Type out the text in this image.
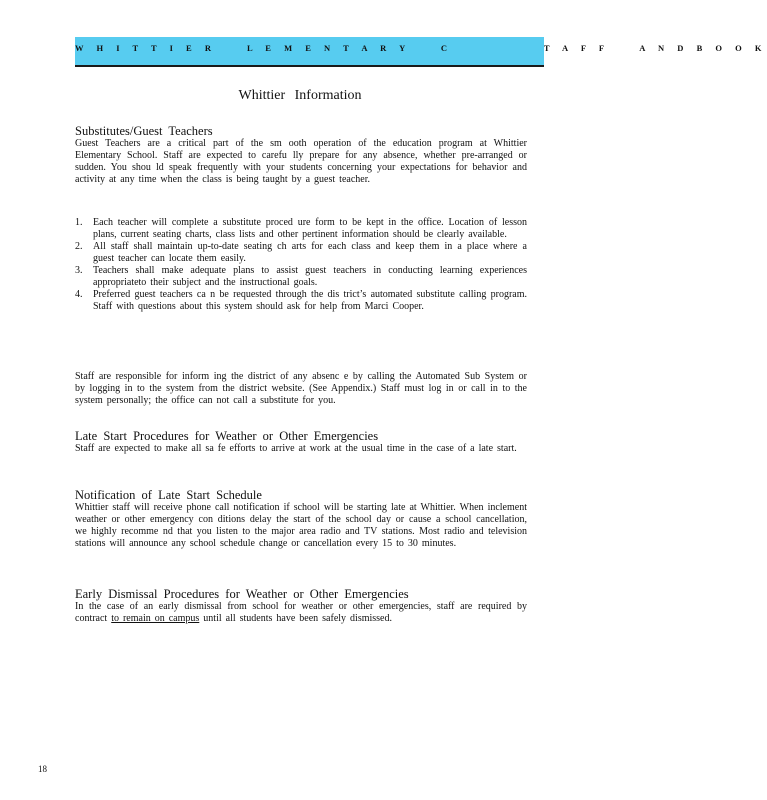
W H I T T I E R    L E M E N T A R Y    C            T A F F    A N D B O O K
Whittier Information

Substitutes/Guest Teachers

Guest Teachers are a critical part of the sm ooth operation of the education program at Whittier Elementary School. Staff are expected to carefu lly prepare for any absence, whether pre-arranged or sudden. You shou ld speak frequently with your students concerning your expectations for behavior and activity at any time when the class is being taught by a guest teacher.

1. Each teacher will complete a substitute proced ure form to be kept in the office. Location of lesson plans, current seating charts, class lists and other pertinent information should be clearly available.
2. All staff shall maintain up-to-date seating ch arts for each class and keep them in a place where a guest teacher can locate them easily.
3. Teachers shall make adequate plans to assist guest teachers in conducting learning experiences appropriateto their subject and the instructional goals.
4. Preferred guest teachers ca n be requested through the dis trict’s automated substitute calling program. Staff with questions about this system should ask for help from Marci Cooper.

Staff are responsible for inform ing the district of any absenc e by calling the Automated Sub System or by logging in to the system from the district website. (See Appendix.) Staff must log in or call in to the system personally; the office can not call a substitute for you.

Late Start Procedures for Weather or Other Emergencies

Staff are expected to make all sa fe efforts to arrive at work at the usual time in the case of a late start.

Notification of Late Start Schedule

Whittier staff will receive phone call notification if school will be starting late at Whittier. When inclement weather or other emergency con ditions delay the start of the school day or cause a school cancellation, we highly recomme nd that you listen to the major area radio and TV stations. Most radio and television stations will announce any school schedule change or cancellation every 15 to 30 minutes.

Early Dismissal Procedures for Weather or Other Emergencies

In the case of an early dismissal from school for weather or other emergencies, staff are required by contract to remain on campus until all students have been safely dismissed.

18
